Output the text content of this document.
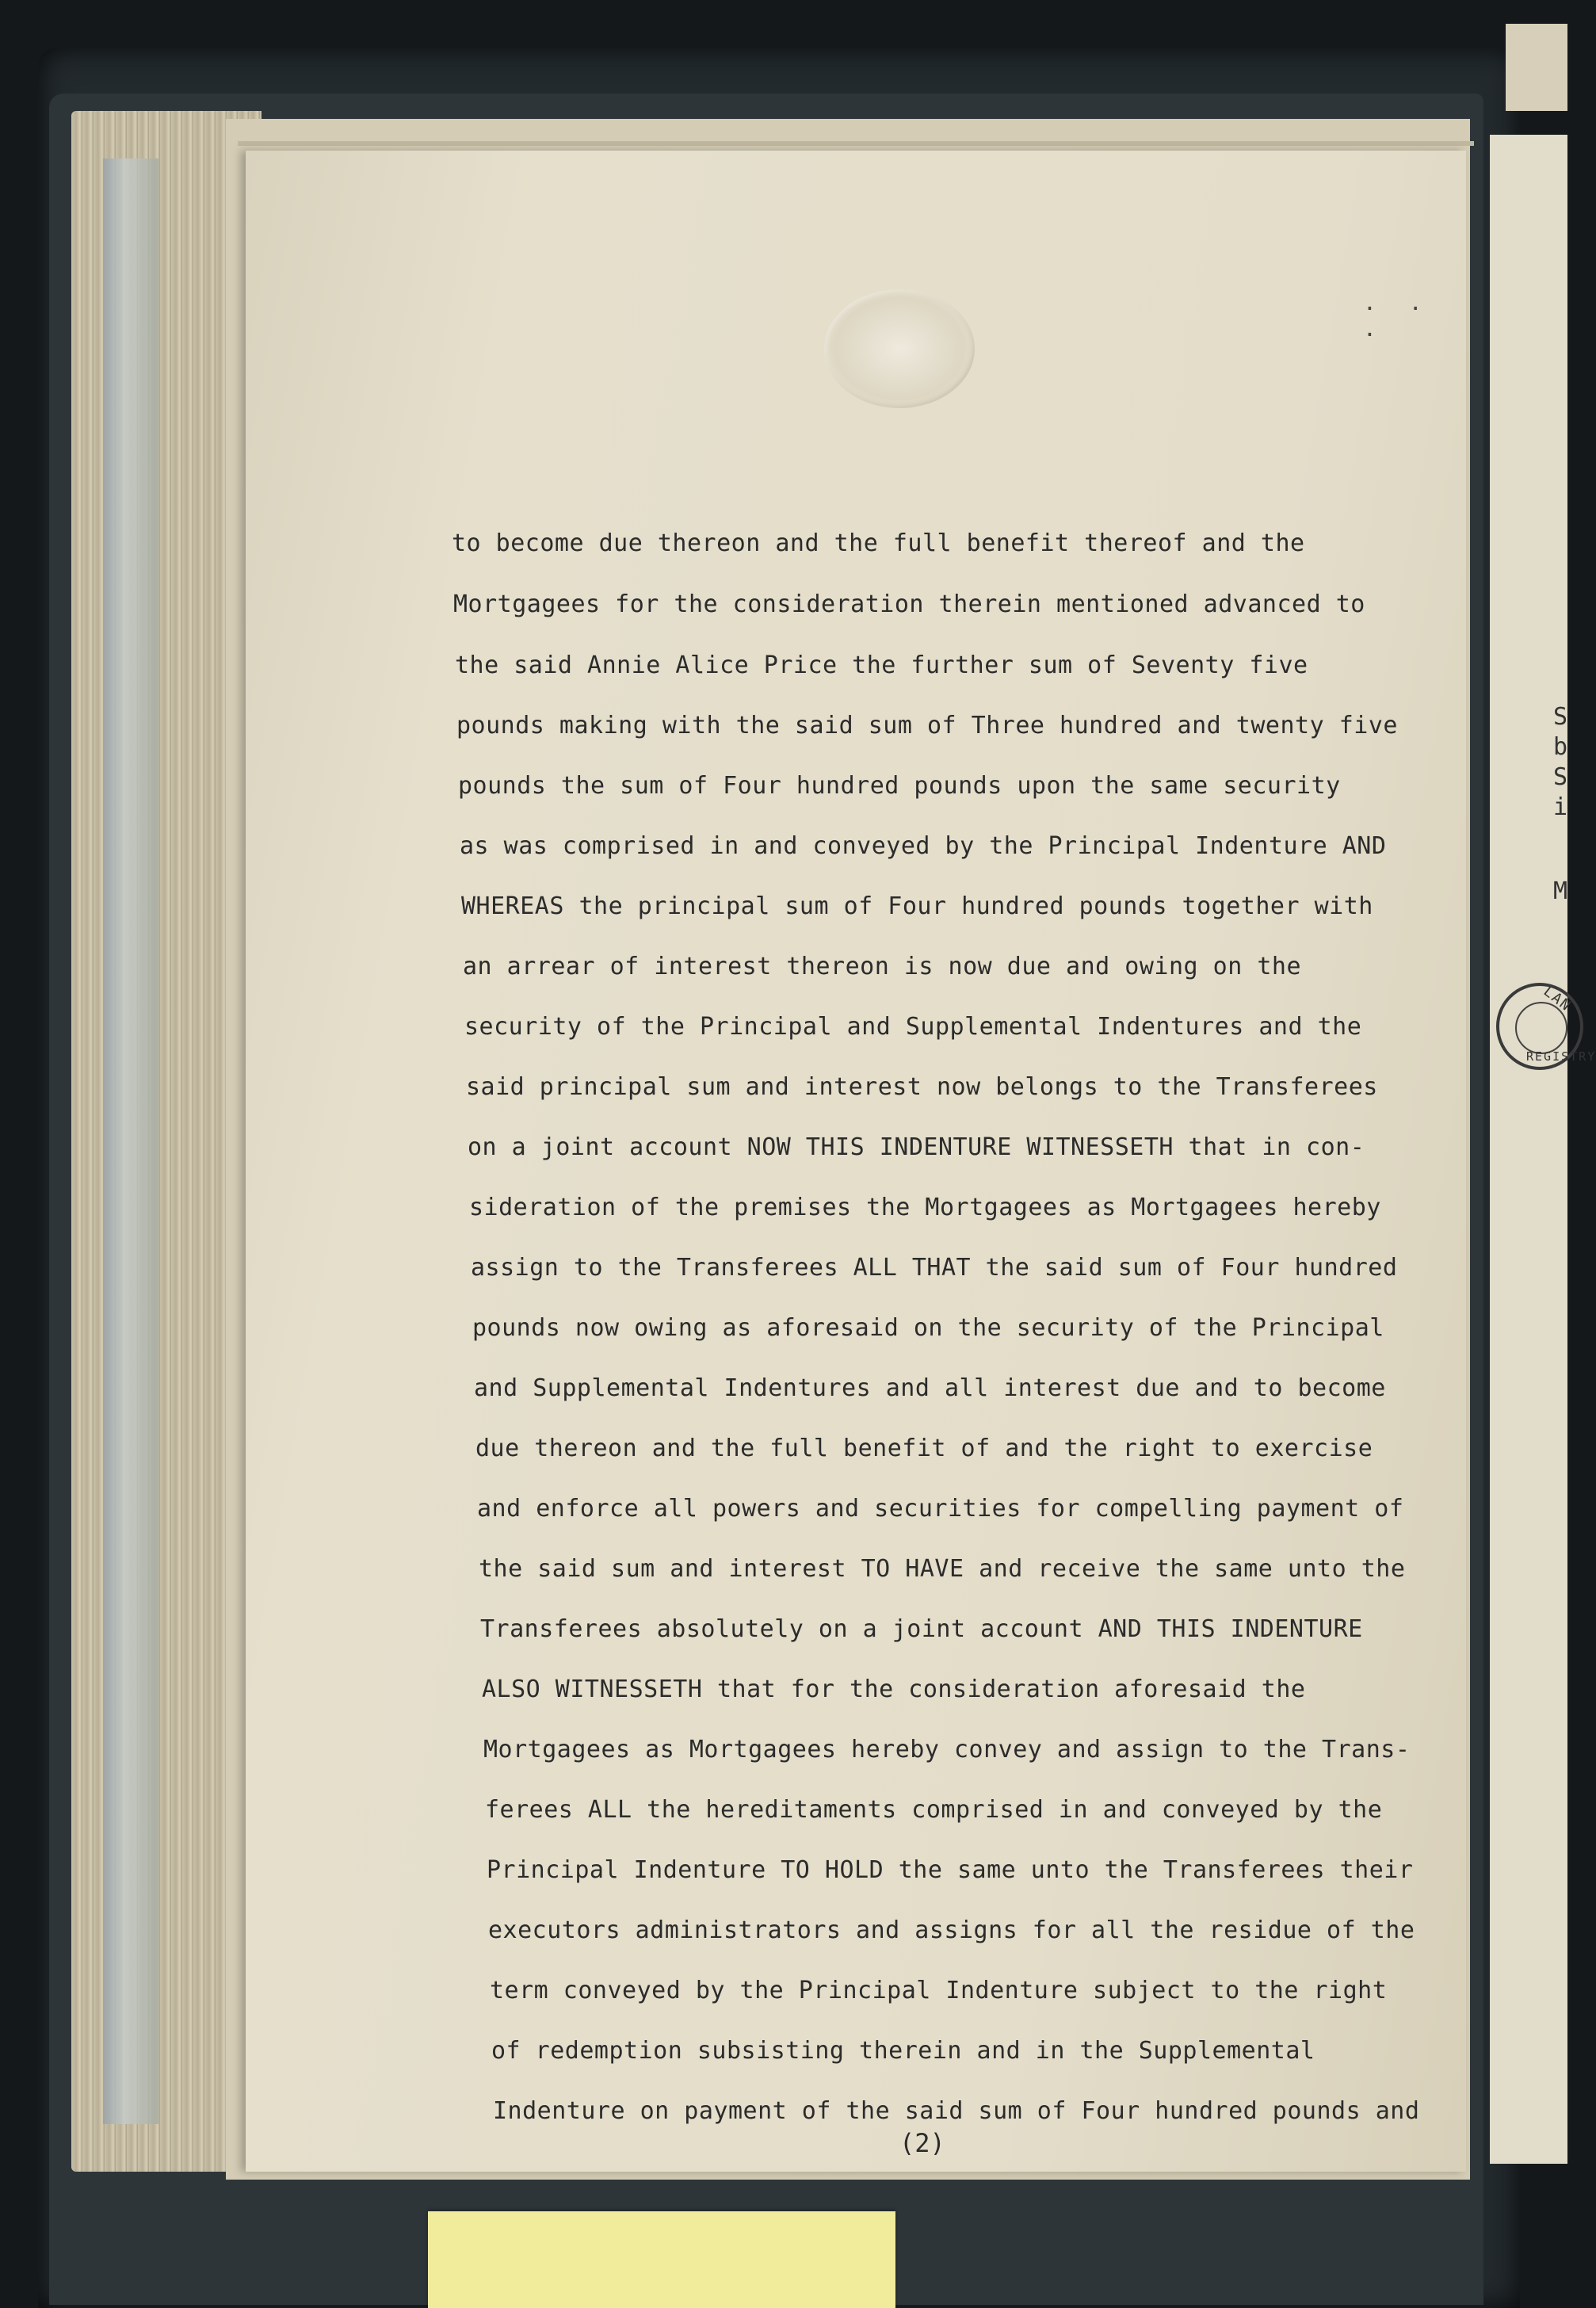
S
b
S
i
M
LAN
REGISTRY
. . .
to become due thereon and the full benefit thereof and the
Mortgagees for the consideration therein mentioned advanced to
the said Annie Alice Price the further sum of Seventy five
pounds making with the said sum of Three hundred and twenty five
pounds the sum of Four hundred pounds upon the same security
as was comprised in and conveyed by the Principal Indenture AND
WHEREAS the principal sum of Four hundred pounds together with
an arrear of interest thereon is now due and owing on the
security of the Principal and Supplemental Indentures and the
said principal sum and interest now belongs to the Transferees
on a joint account NOW THIS INDENTURE WITNESSETH that in con-
sideration of the premises the Mortgagees as Mortgagees hereby
assign to the Transferees ALL THAT the said sum of Four hundred
pounds now owing as aforesaid on the security of the Principal
and Supplemental Indentures and all interest due and to become
due thereon and the full benefit of and the right to exercise
and enforce all powers and securities for compelling payment of
the said sum and interest TO HAVE and receive the same unto the
Transferees absolutely on a joint account AND THIS INDENTURE
ALSO WITNESSETH that for the consideration aforesaid the
Mortgagees as Mortgagees hereby convey and assign to the Trans-
ferees ALL the hereditaments comprised in and conveyed by the
Principal Indenture TO HOLD the same unto the Transferees their
executors administrators and assigns for all the residue of the
term conveyed by the Principal Indenture subject to the right
of redemption subsisting therein and in the Supplemental
Indenture on payment of the said sum of Four hundred pounds and
(2)
